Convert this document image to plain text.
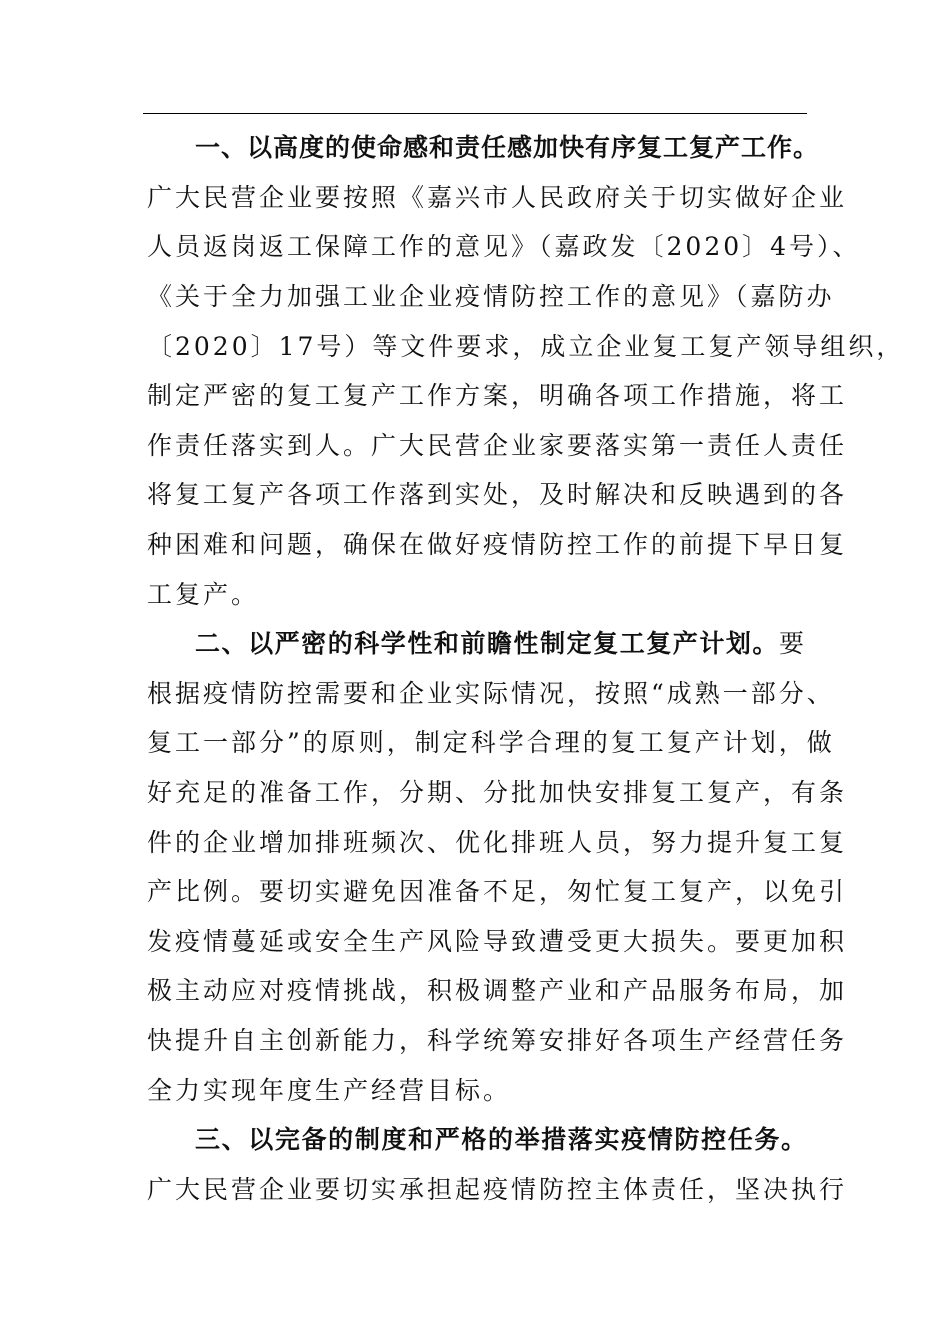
一、以高度的使命感和责任感加快有序复工复产工作。
广大民营企业要按照《嘉兴市人民政府关于切实做好企业
人员返岗返工保障工作的意见》（嘉政发〔2020〕4号）、
《关于全力加强工业企业疫情防控工作的意见》（嘉防办
〔2020〕17号）等文件要求，成立企业复工复产领导组织，
制定严密的复工复产工作方案，明确各项工作措施，将工
作责任落实到人。广大民营企业家要落实第一责任人责任
将复工复产各项工作落到实处，及时解决和反映遇到的各
种困难和问题，确保在做好疫情防控工作的前提下早日复
工复产。
二、以严密的科学性和前瞻性制定复工复产计划。要
根据疫情防控需要和企业实际情况，按照“成熟一部分、
复工一部分”的原则，制定科学合理的复工复产计划，做
好充足的准备工作，分期、分批加快安排复工复产，有条
件的企业增加排班频次、优化排班人员，努力提升复工复
产比例。要切实避免因准备不足，匆忙复工复产，以免引
发疫情蔓延或安全生产风险导致遭受更大损失。要更加积
极主动应对疫情挑战，积极调整产业和产品服务布局，加
快提升自主创新能力，科学统筹安排好各项生产经营任务
全力实现年度生产经营目标。
三、以完备的制度和严格的举措落实疫情防控任务。
广大民营企业要切实承担起疫情防控主体责任，坚决执行
